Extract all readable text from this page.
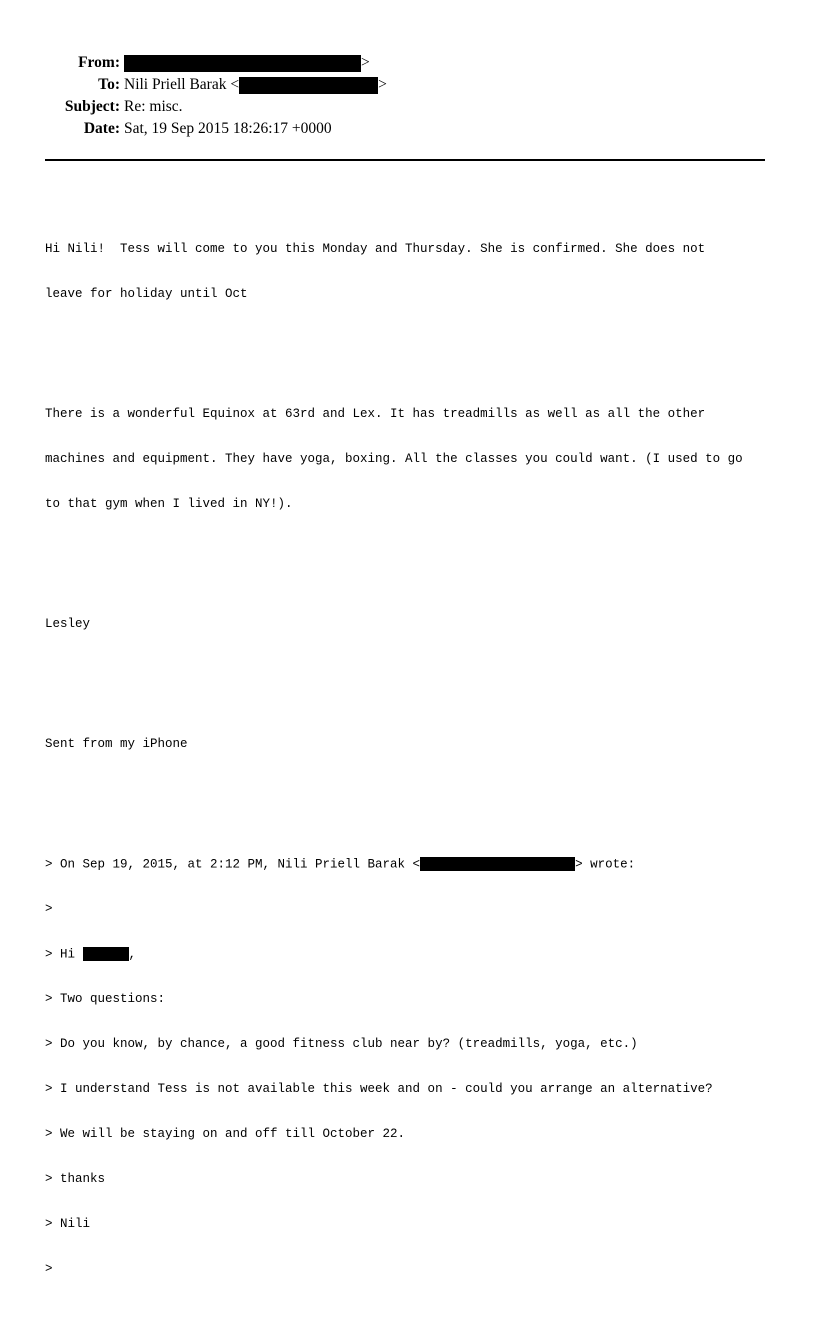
From:	>
To: Nili Priell Barak <	>
Subject: Re: misc.
Date: Sat, 19 Sep 2015 18:26:17 +0000

Hi Nili!  Tess will come to you this Monday and Thursday. She is confirmed. She does not

leave for holiday until Oct

There is a wonderful Equinox at 63rd and Lex. It has treadmills as well as all the other

machines and equipment. They have yoga, boxing. All the classes you could want. (I used to go

to that gym when I lived in NY!).

Lesley

Sent from my iPhone

> On Sep 19, 2015, at 2:12 PM, Nili Priell Barak <	> wrote:

>

> Hi	,

> Two questions:

> Do you know, by chance, a good fitness club near by? (treadmills, yoga, etc.)

> I understand Tess is not available this week and on - could you arrange an alternative?

> We will be staying on and off till October 22.

> thanks

> Nili

>
